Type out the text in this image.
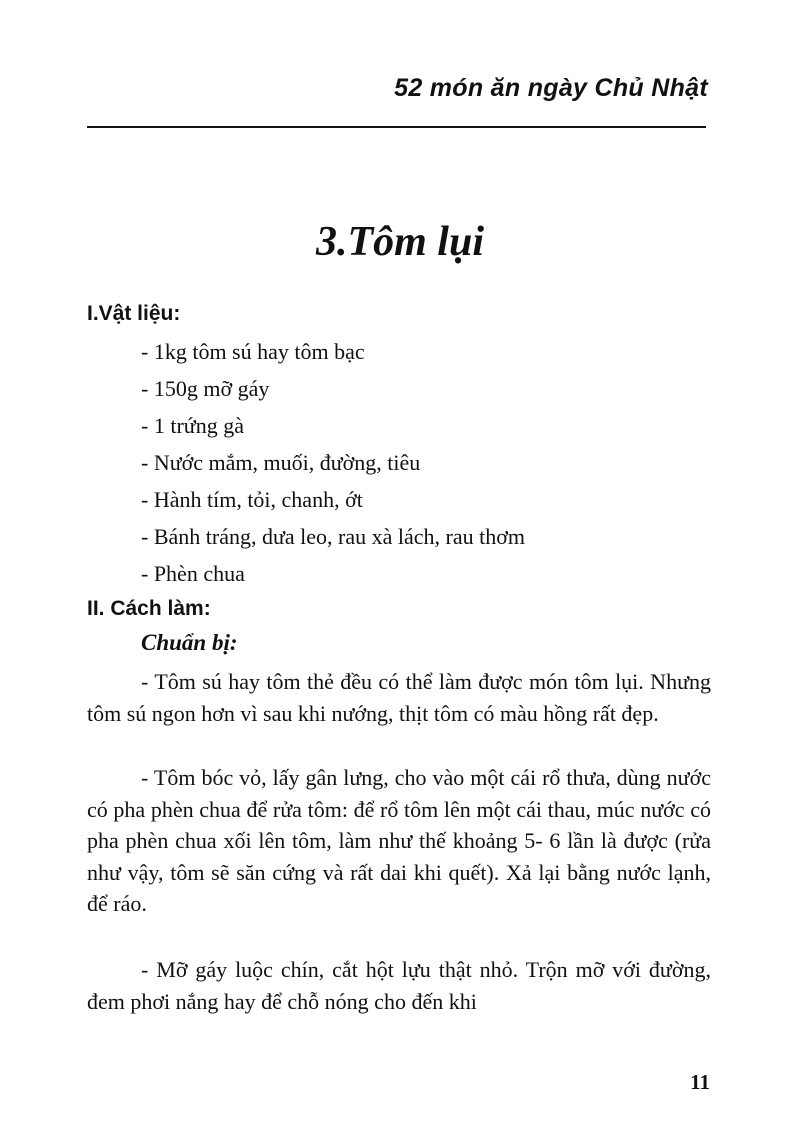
52 món ăn ngày Chủ Nhật
3.Tôm lụi
I.Vật liệu:
- 1kg tôm sú hay tôm bạc
- 150g mỡ gáy
- 1 trứng gà
- Nước mắm, muối, đường, tiêu
- Hành tím, tỏi, chanh, ớt
- Bánh tráng, dưa leo, rau xà lách, rau thơm
- Phèn chua
II. Cách làm:
Chuẩn bị:

- Tôm sú hay tôm thẻ đều có thể làm được món tôm lụi. Nhưng tôm sú ngon hơn vì sau khi nướng, thịt tôm có màu hồng rất đẹp.

- Tôm bóc vỏ, lấy gân lưng, cho vào một cái rổ thưa, dùng nước có pha phèn chua để rửa tôm: để rổ tôm lên một cái thau, múc nước có pha phèn chua xối lên tôm, làm như thế khoảng 5- 6 lần là được (rửa như vậy, tôm sẽ săn cứng và rất dai khi quết). Xả lại bằng nước lạnh, để ráo.

- Mỡ gáy luộc chín, cắt hột lựu thật nhỏ. Trộn mỡ với đường, đem phơi nắng hay để chỗ nóng cho đến khi

11
